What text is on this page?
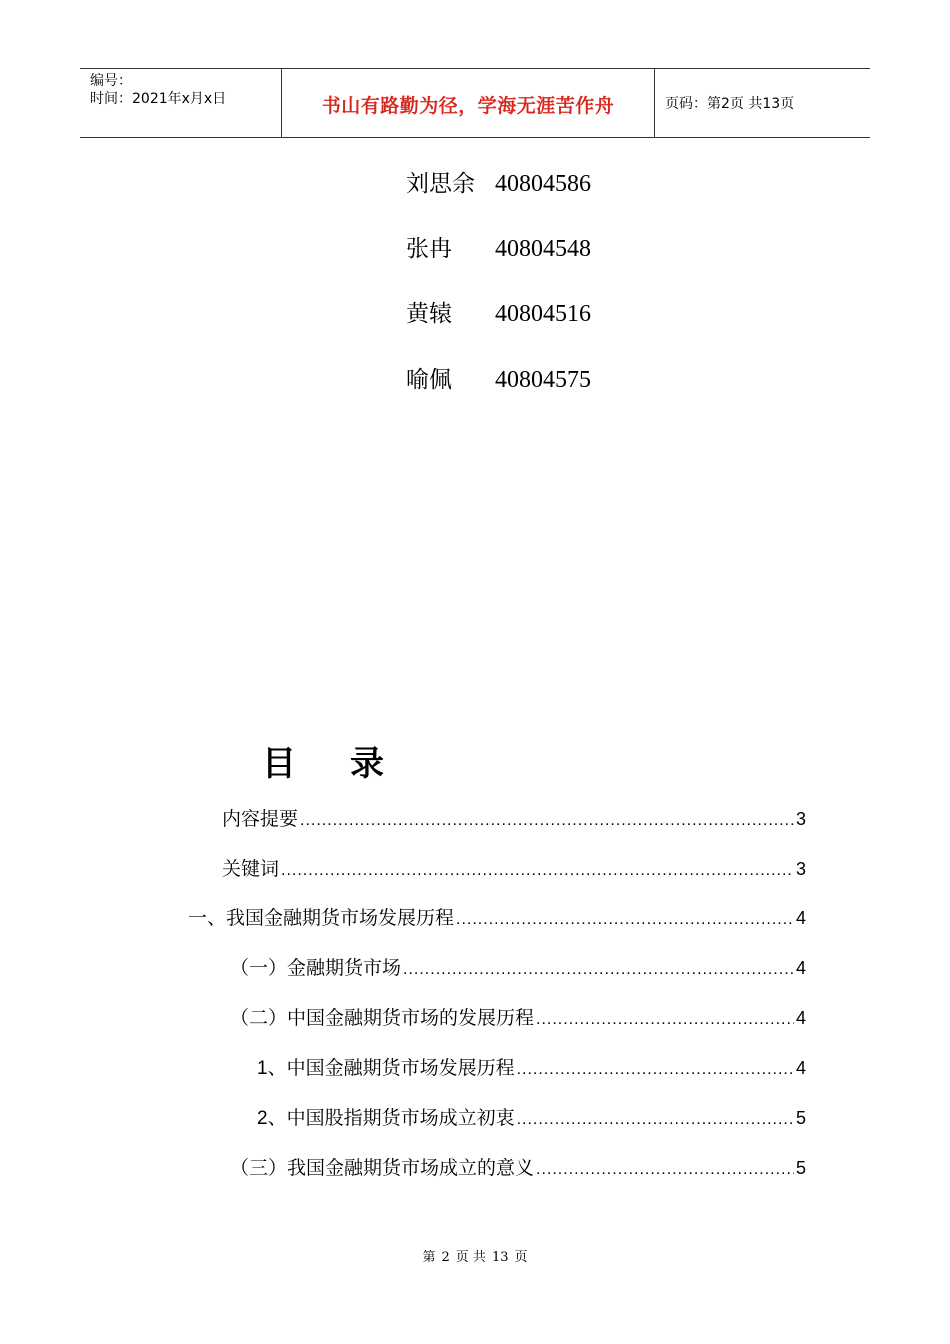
编号：
时间：2021年x月x日	书山有路勤为径，学海无涯苦作舟	页码：第2页 共13页
刘思余 40804586
张冉 40804548
黄辕 40804516
喻佩 40804575
目 录
内容提要 .....	3
关键词 .....	3
一、我国金融期货市场发展历程 .....	4
（一）金融期货市场 .....	4
（二）中国金融期货市场的发展历程 .....	4
1、中国金融期货市场发展历程 .....	4
2、中国股指期货市场成立初衷 .....	5
（三）我国金融期货市场成立的意义 .....	5
第 2 页 共 13 页
